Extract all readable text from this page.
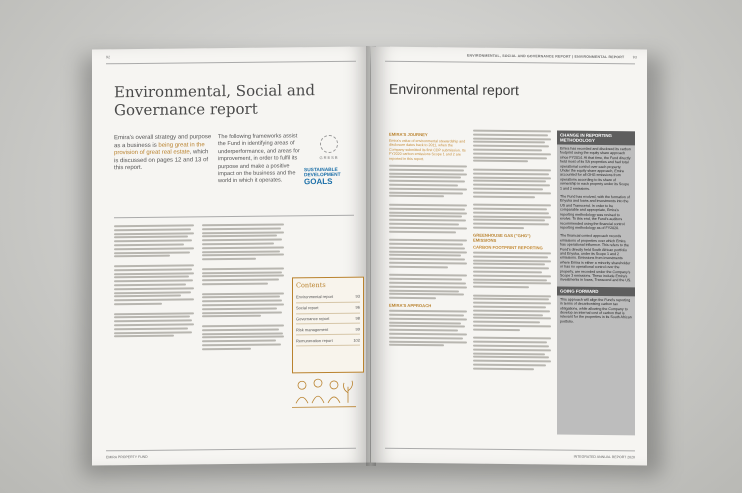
92
Environmental, Social and Governance report
Emira's overall strategy and purpose as a business is being great in the provision of great real estate, which is discussed on pages 12 and 13 of this report.
The following frameworks assist the Fund in identifying areas of underperformance, and areas for improvement, in order to fulfil its purpose and make a positive impact on the business and the world in which it operates.
GRESB
SUSTAINABLE DEVELOPMENT
GOALS
Contents
Environmental report	93
Social report	96
Governance report	98
Risk management	99
Remuneration report	102
EMIRA PROPERTY FUND
ENVIRONMENTAL, SOCIAL AND GOVERNANCE REPORT | ENVIRONMENTAL REPORT 93
Environmental report
EMIRA'S JOURNEY
Emira's value of environmental stewardship and disclosure dates back to 2011, when the Company submitted its first CDP submission. Its FY2020 carbon emissions Scope 1 and 2 are reported in this report.
EMIRA'S APPROACH
GREENHOUSE GAS ("GHG") EMISSIONS
CARBON FOOTPRINT REPORTING
CHANGE IN REPORTING METHODOLOGY
Emira has recorded and disclosed its carbon footprint using the equity share approach since FY2014. At that time, the Fund directly held most of its SA properties and had total operational control over each property. Under the equity share approach, Emira accounted for all GHG emissions from operations according to its share of ownership in each property under its Scope 1 and 2 emissions.
The Fund has evolved, with the formation of Enyuka and loans and investments into the US and Transcend. In order to be comparable and appropriate, Emira's reporting methodology was revised to evolve. To this end, the Fund's auditors recommended using the financial control reporting methodology as of FY2020.
The financial control approach records emissions of properties over which Emira has operational influence. This refers to the Fund's directly held South African portfolio and Enyuka, under its Scope 1 and 2 emissions. Emissions from investments where Emira is either a minority shareholder or has no operational control over the property, are recorded under the Company's Scope 3 emissions. These include Emira's investments in loans, Transcend and the US.
GOING FORWARD
This approach will align the Fund's reporting in terms of decarbonising carbon tax obligations, while allowing the Company to develop an internal cost of carbon that is relevant for the properties in its South African portfolio.
INTEGRATED ANNUAL REPORT 2020
